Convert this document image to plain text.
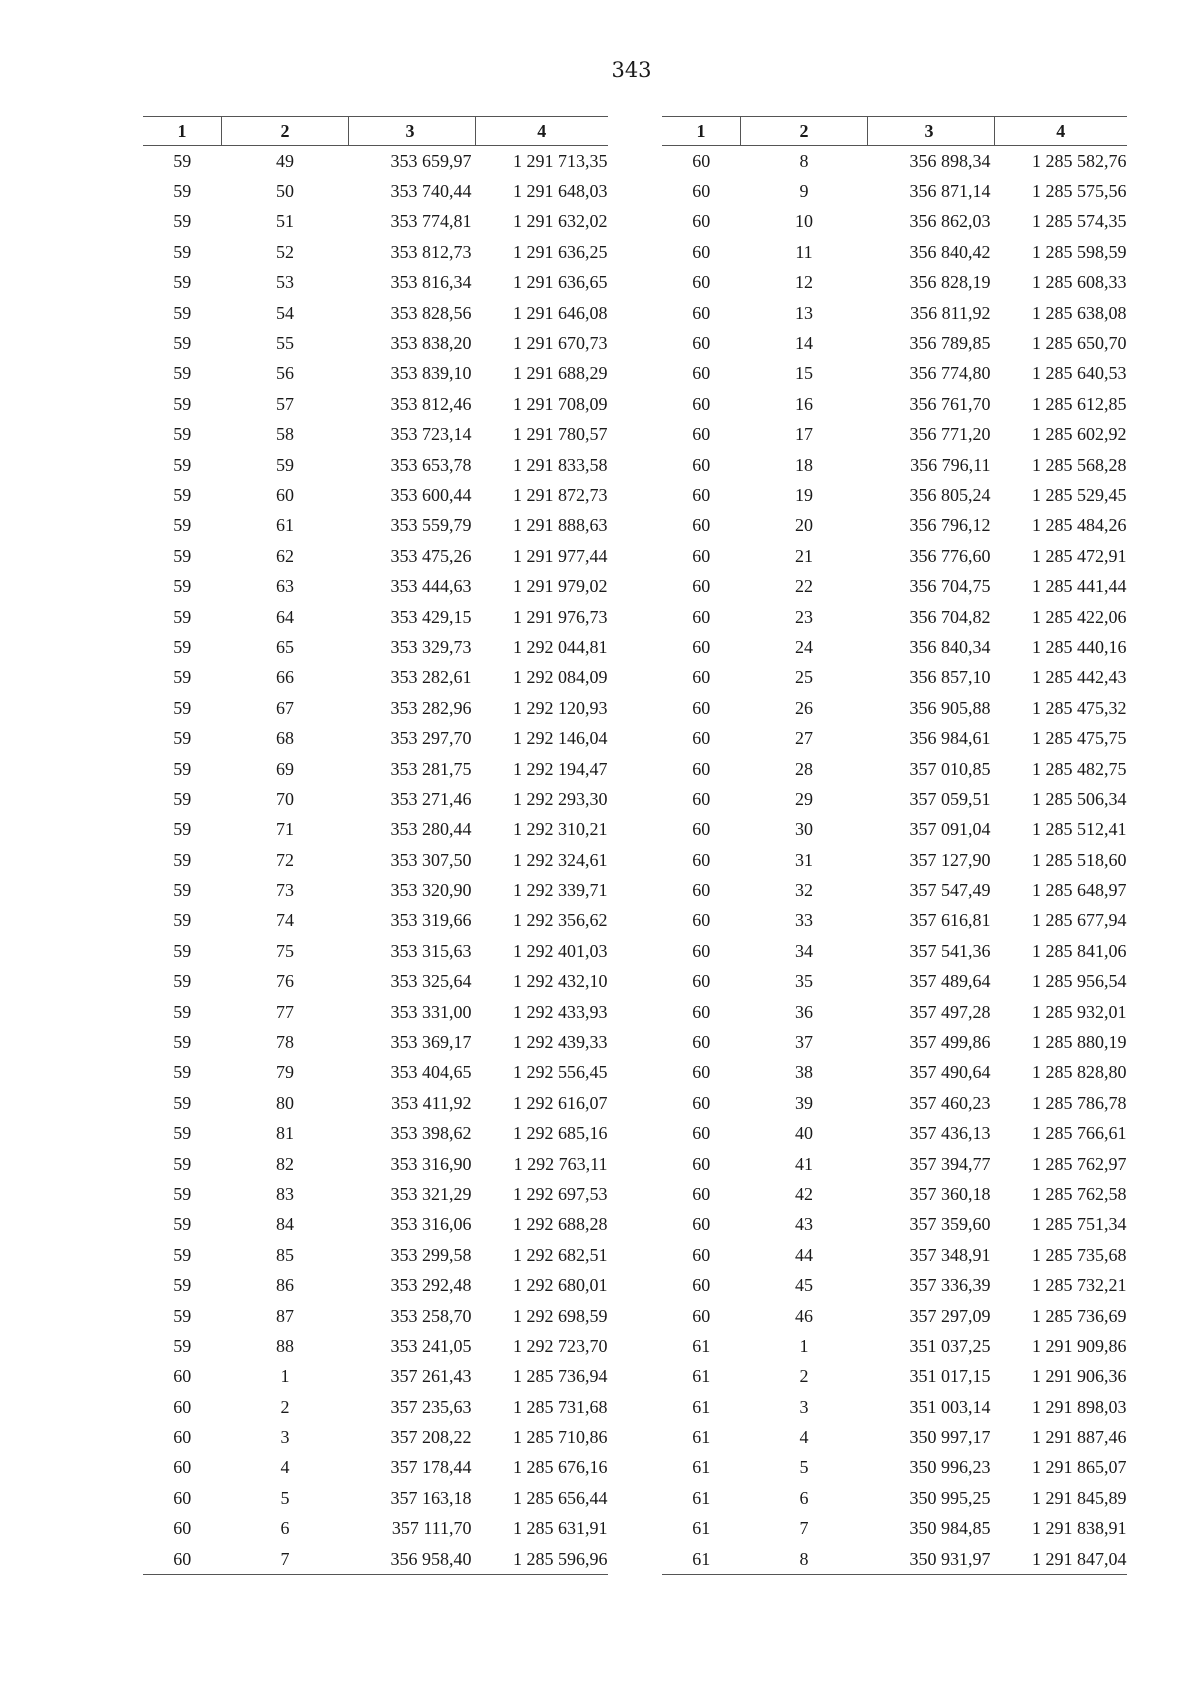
343
1	2	3	4
59	49	353 659,97	1 291 713,35
59	50	353 740,44	1 291 648,03
59	51	353 774,81	1 291 632,02
59	52	353 812,73	1 291 636,25
59	53	353 816,34	1 291 636,65
59	54	353 828,56	1 291 646,08
59	55	353 838,20	1 291 670,73
59	56	353 839,10	1 291 688,29
59	57	353 812,46	1 291 708,09
59	58	353 723,14	1 291 780,57
59	59	353 653,78	1 291 833,58
59	60	353 600,44	1 291 872,73
59	61	353 559,79	1 291 888,63
59	62	353 475,26	1 291 977,44
59	63	353 444,63	1 291 979,02
59	64	353 429,15	1 291 976,73
59	65	353 329,73	1 292 044,81
59	66	353 282,61	1 292 084,09
59	67	353 282,96	1 292 120,93
59	68	353 297,70	1 292 146,04
59	69	353 281,75	1 292 194,47
59	70	353 271,46	1 292 293,30
59	71	353 280,44	1 292 310,21
59	72	353 307,50	1 292 324,61
59	73	353 320,90	1 292 339,71
59	74	353 319,66	1 292 356,62
59	75	353 315,63	1 292 401,03
59	76	353 325,64	1 292 432,10
59	77	353 331,00	1 292 433,93
59	78	353 369,17	1 292 439,33
59	79	353 404,65	1 292 556,45
59	80	353 411,92	1 292 616,07
59	81	353 398,62	1 292 685,16
59	82	353 316,90	1 292 763,11
59	83	353 321,29	1 292 697,53
59	84	353 316,06	1 292 688,28
59	85	353 299,58	1 292 682,51
59	86	353 292,48	1 292 680,01
59	87	353 258,70	1 292 698,59
59	88	353 241,05	1 292 723,70
60	1	357 261,43	1 285 736,94
60	2	357 235,63	1 285 731,68
60	3	357 208,22	1 285 710,86
60	4	357 178,44	1 285 676,16
60	5	357 163,18	1 285 656,44
60	6	357 111,70	1 285 631,91
60	7	356 958,40	1 285 596,96
1	2	3	4
60	8	356 898,34	1 285 582,76
60	9	356 871,14	1 285 575,56
60	10	356 862,03	1 285 574,35
60	11	356 840,42	1 285 598,59
60	12	356 828,19	1 285 608,33
60	13	356 811,92	1 285 638,08
60	14	356 789,85	1 285 650,70
60	15	356 774,80	1 285 640,53
60	16	356 761,70	1 285 612,85
60	17	356 771,20	1 285 602,92
60	18	356 796,11	1 285 568,28
60	19	356 805,24	1 285 529,45
60	20	356 796,12	1 285 484,26
60	21	356 776,60	1 285 472,91
60	22	356 704,75	1 285 441,44
60	23	356 704,82	1 285 422,06
60	24	356 840,34	1 285 440,16
60	25	356 857,10	1 285 442,43
60	26	356 905,88	1 285 475,32
60	27	356 984,61	1 285 475,75
60	28	357 010,85	1 285 482,75
60	29	357 059,51	1 285 506,34
60	30	357 091,04	1 285 512,41
60	31	357 127,90	1 285 518,60
60	32	357 547,49	1 285 648,97
60	33	357 616,81	1 285 677,94
60	34	357 541,36	1 285 841,06
60	35	357 489,64	1 285 956,54
60	36	357 497,28	1 285 932,01
60	37	357 499,86	1 285 880,19
60	38	357 490,64	1 285 828,80
60	39	357 460,23	1 285 786,78
60	40	357 436,13	1 285 766,61
60	41	357 394,77	1 285 762,97
60	42	357 360,18	1 285 762,58
60	43	357 359,60	1 285 751,34
60	44	357 348,91	1 285 735,68
60	45	357 336,39	1 285 732,21
60	46	357 297,09	1 285 736,69
61	1	351 037,25	1 291 909,86
61	2	351 017,15	1 291 906,36
61	3	351 003,14	1 291 898,03
61	4	350 997,17	1 291 887,46
61	5	350 996,23	1 291 865,07
61	6	350 995,25	1 291 845,89
61	7	350 984,85	1 291 838,91
61	8	350 931,97	1 291 847,04
